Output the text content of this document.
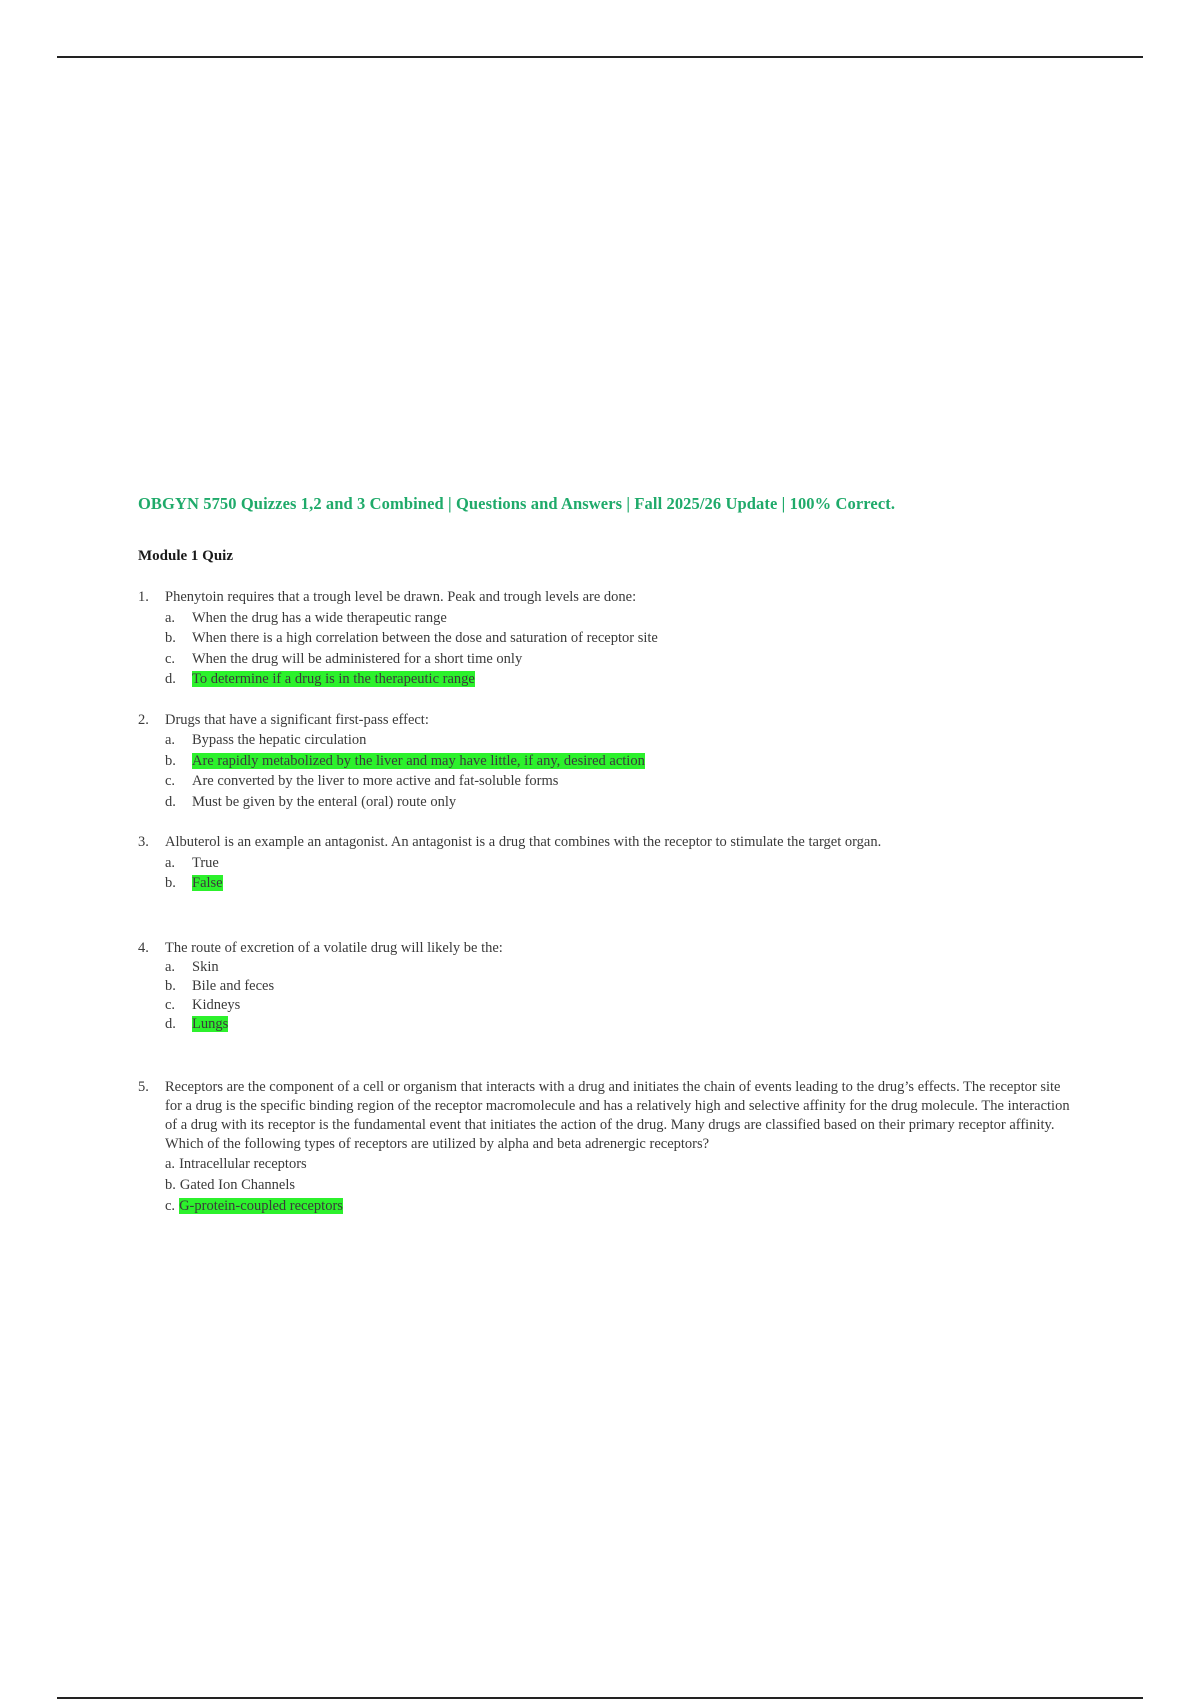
OBGYN 5750 Quizzes 1,2 and 3 Combined | Questions and Answers | Fall 2025/26 Update | 100% Correct.
Module 1 Quiz
1. Phenytoin requires that a trough level be drawn. Peak and trough levels are done:
a. When the drug has a wide therapeutic range
b. When there is a high correlation between the dose and saturation of receptor site
c. When the drug will be administered for a short time only
d. To determine if a drug is in the therapeutic range
2. Drugs that have a significant first-pass effect:
a. Bypass the hepatic circulation
b. Are rapidly metabolized by the liver and may have little, if any, desired action
c. Are converted by the liver to more active and fat-soluble forms
d. Must be given by the enteral (oral) route only
3. Albuterol is an example an antagonist. An antagonist is a drug that combines with the receptor to stimulate the target organ.
a. True
b. False
4. The route of excretion of a volatile drug will likely be the:
a. Skin
b. Bile and feces
c. Kidneys
d. Lungs
5. Receptors are the component of a cell or organism that interacts with a drug and initiates the chain of events leading to the drug’s effects. The receptor site for a drug is the specific binding region of the receptor macromolecule and has a relatively high and selective affinity for the drug molecule. The interaction of a drug with its receptor is the fundamental event that initiates the action of the drug. Many drugs are classified based on their primary receptor affinity. Which of the following types of receptors are utilized by alpha and beta adrenergic receptors?
a. Intracellular receptors
b. Gated Ion Channels
c. G-protein-coupled receptors
